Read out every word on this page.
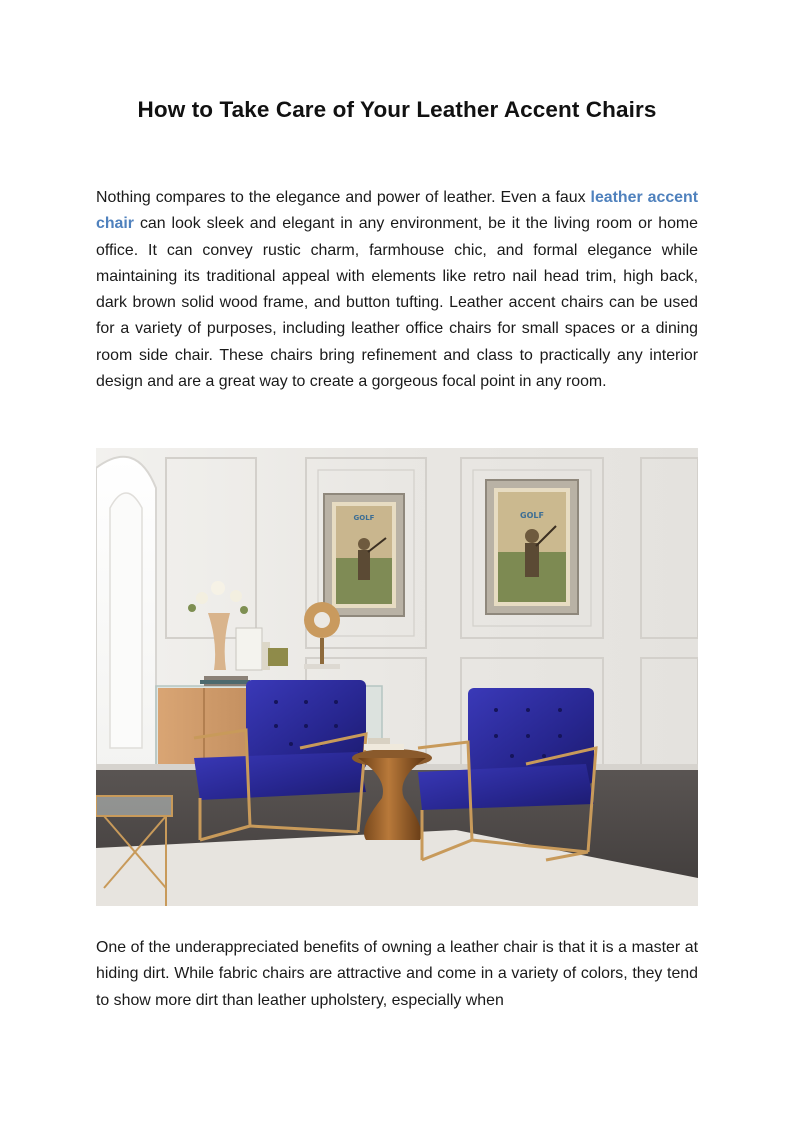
How to Take Care of Your Leather Accent Chairs

Nothing compares to the elegance and power of leather. Even a faux leather accent chair can look sleek and elegant in any environment, be it the living room or home office. It can convey rustic charm, farmhouse chic, and formal elegance while maintaining its traditional appeal with elements like retro nail head trim, high back, dark brown solid wood frame, and button tufting. Leather accent chairs can be used for a variety of purposes, including leather office chairs for small spaces or a dining room side chair. These chairs bring refinement and class to practically any interior design and are a great way to create a gorgeous focal point in any room.

GOLF	GOLF

One of the underappreciated benefits of owning a leather chair is that it is a master at hiding dirt. While fabric chairs are attractive and come in a variety of colors, they tend to show more dirt than leather upholstery, especially when
